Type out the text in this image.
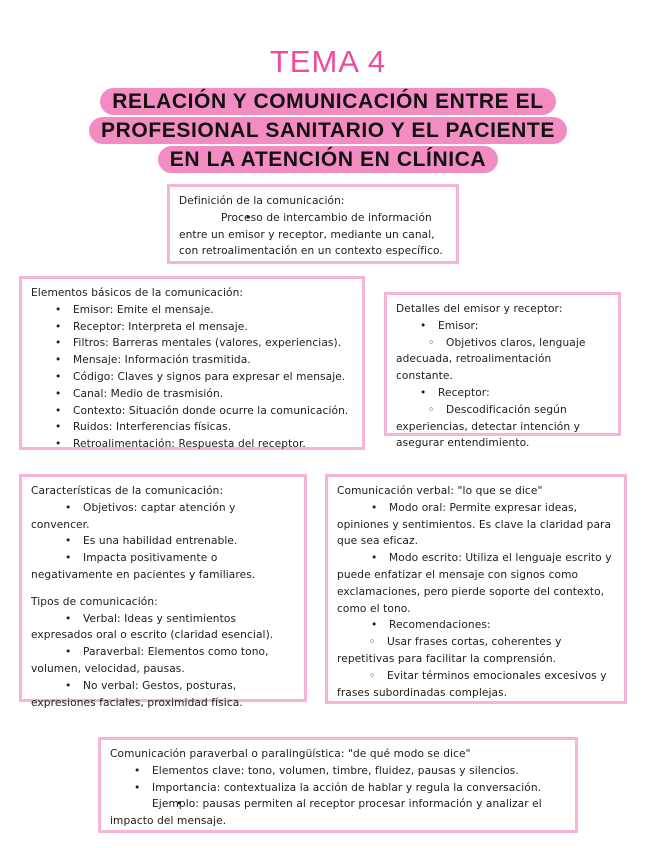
TEMA 4
RELACIÓN Y COMUNICACIÓN ENTRE EL
PROFESIONAL SANITARIO Y EL PACIENTE
EN LA ATENCIÓN EN CLÍNICA
Definición de la comunicación:
• Proceso de intercambio de información entre un emisor y receptor, mediante un canal, con retroalimentación en un contexto específico.
Elementos básicos de la comunicación:
• Emisor: Emite el mensaje.
• Receptor: Interpreta el mensaje.
• Filtros: Barreras mentales (valores, experiencias).
• Mensaje: Información trasmitida.
• Código: Claves y signos para expresar el mensaje.
• Canal: Medio de trasmisión.
• Contexto: Situación donde ocurre la comunicación.
• Ruidos: Interferencias físicas.
• Retroalimentación: Respuesta del receptor.
Detalles del emisor y receptor:
• Emisor:
◦ Objetivos claros, lenguaje adecuada, retroalimentación constante.
• Receptor:
◦ Descodificación según experiencias, detectar intención y asegurar entendimiento.
Características de la comunicación:
• Objetivos: captar atención y convencer.
• Es una habilidad entrenable.
• Impacta positivamente o negativamente en pacientes y familiares.
Tipos de comunicación:
• Verbal: Ideas y sentimientos expresados oral o escrito (claridad esencial).
• Paraverbal: Elementos como tono, volumen, velocidad, pausas.
• No verbal: Gestos, posturas, expresiones faciales, proximidad física.
Comunicación verbal: "lo que se dice"
• Modo oral: Permite expresar ideas, opiniones y sentimientos. Es clave la claridad para que sea eficaz.
• Modo escrito: Utiliza el lenguaje escrito y puede enfatizar el mensaje con signos como exclamaciones, pero pierde soporte del contexto, como el tono.
• Recomendaciones:
◦ Usar frases cortas, coherentes y repetitivas para facilitar la comprensión.
◦ Evitar términos emocionales excesivos y frases subordinadas complejas.
Comunicación paraverbal o paralingüística: "de qué modo se dice"
• Elementos clave: tono, volumen, timbre, fluidez, pausas y silencios.
• Importancia: contextualiza la acción de hablar y regula la conversación.
• Ejemplo: pausas permiten al receptor procesar información y analizar el impacto del mensaje.
